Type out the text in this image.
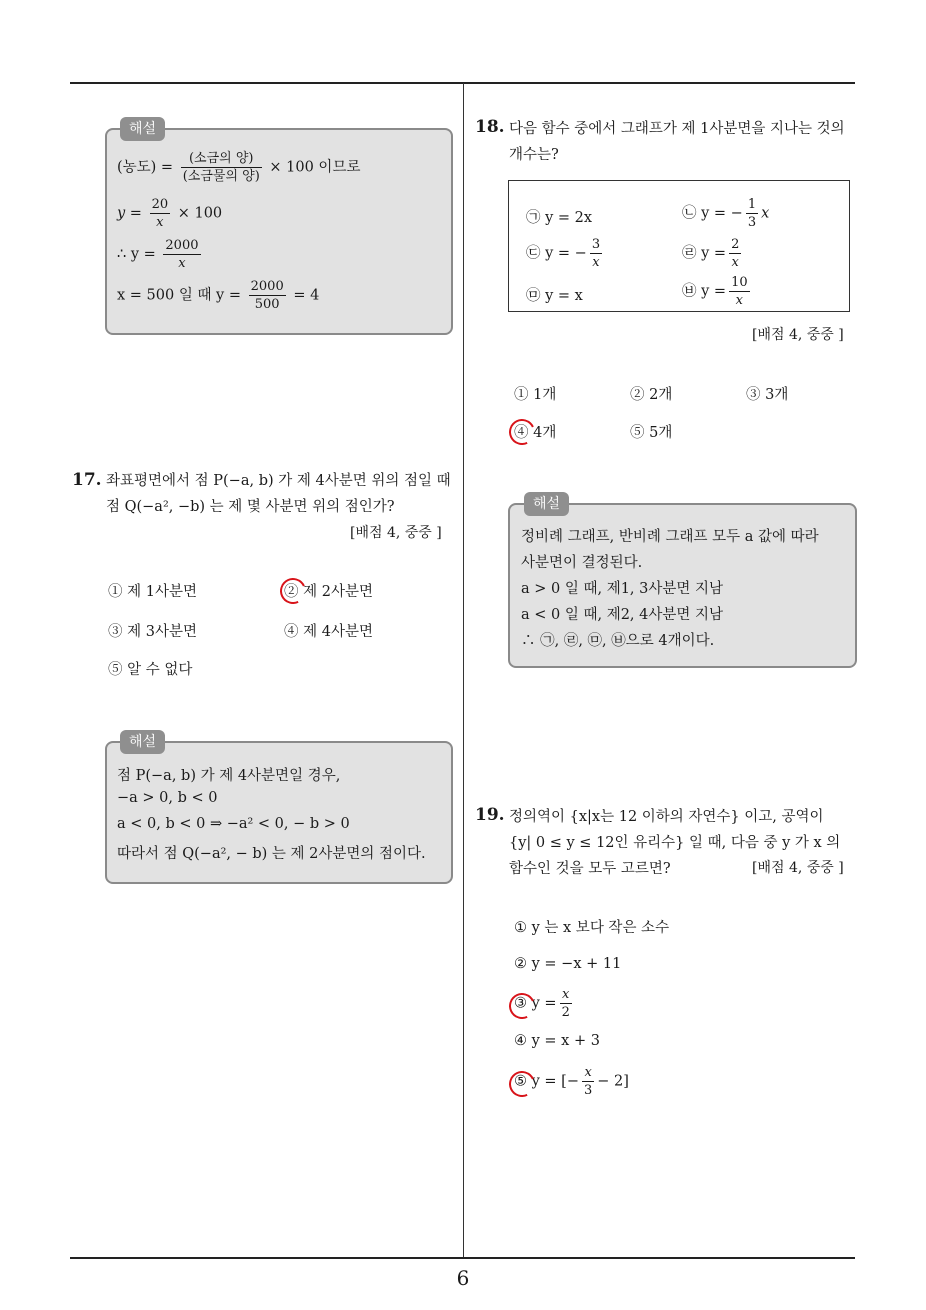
6
해설
(농도) = $\frac{\text{(소금의 양)}}{\text{(소금물의 양)}} \times 100$ 이므로
$y = \frac{20}{x} \times 100$
∴ $y = \frac{2000}{x}$
x = 500 일 때 $y = \frac{2000}{500} = 4$
17. 좌표평면에서 점 P(−a, b) 가 제 4사분면 위의 점일 때 점 Q(−a², −b) 는 제 몇 사분면 위의 점인가?
[배점 4, 중중 ]
① 제 1사분면	② 제 2사분면
③ 제 3사분면	④ 제 4사분면
⑤ 알 수 없다
해설
점 P(−a, b) 가 제 4사분면일 경우,
−a > 0, b < 0
a < 0, b < 0 ⇒ −a² < 0, − b > 0
따라서 점 Q(−a², − b) 는 제 2사분면의 점이다.
18. 다음 함수 중에서 그래프가 제 1사분면을 지나는 것의 개수는?
㉠ y = 2x	㉡ y = − $\frac{1}{3}$ x
㉢ y = − $\frac{3}{x}$	㉣ $y = \frac{2}{x}$
㉤ y = x	㉥ $y = \frac{10}{x}$
[배점 4, 중중 ]
① 1개	② 2개	③ 3개
④ 4개	⑤ 5개
해설
정비례 그래프, 반비례 그래프 모두 a 값에 따라
사분면이 결정된다.
a > 0 일 때, 제1, 3사분면 지남
a < 0 일 때, 제2, 4사분면 지남
∴ ㉠, ㉣, ㉤, ㉥으로 4개이다.
19. 정의역이 {x|x는 12 이하의 자연수} 이고, 공역이
{y| 0 ≤ y ≤ 12인 유리수} 일 때, 다음 중 y 가 x 의
함수인 것을 모두 고르면?	[배점 4, 중중 ]
① y 는 x 보다 작은 소수
② y = −x + 11
③ $y = \frac{x}{2}$
④ y = x + 3
⑤ y = [− $\frac{x}{3} - 2$]
